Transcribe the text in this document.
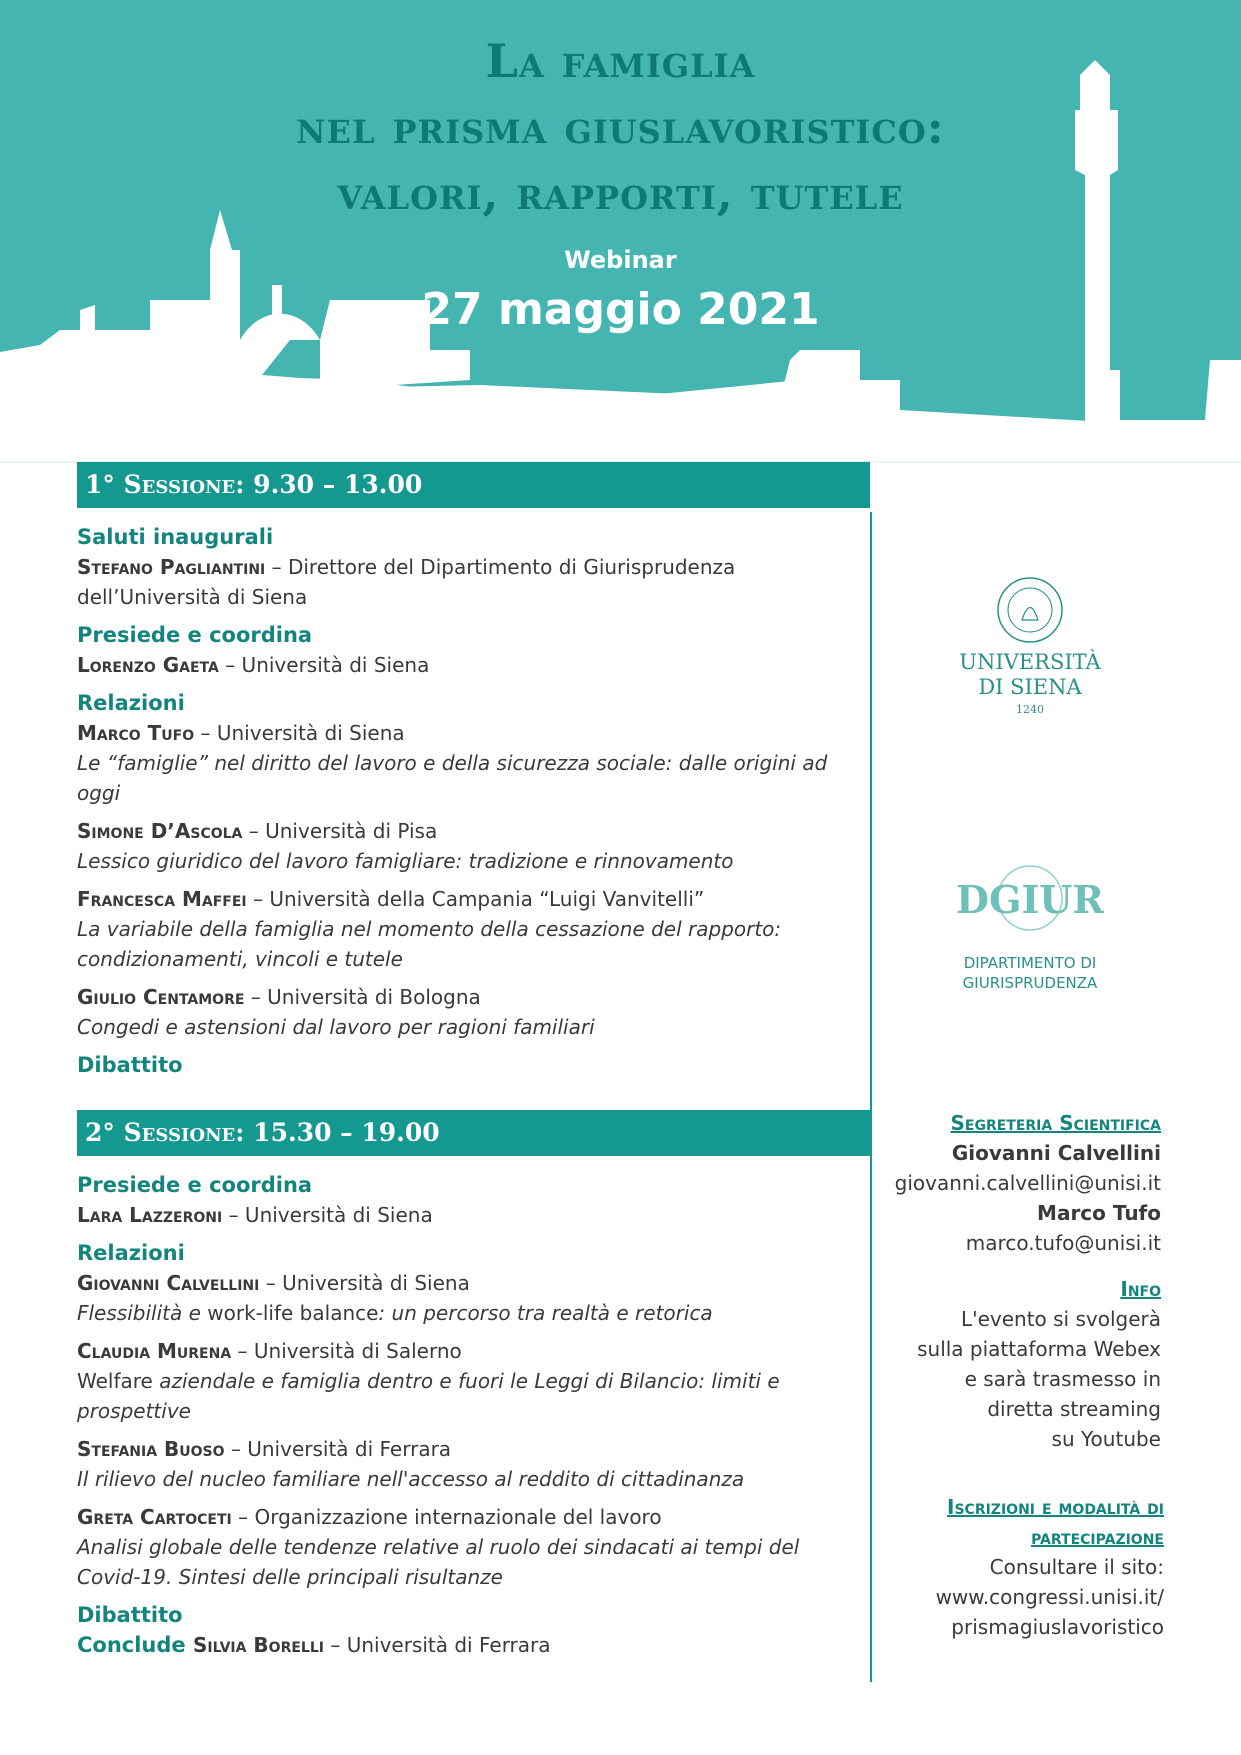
La famiglia
nel prisma giuslavoristico:
valori, rapporti, tutele
Webinar
27 maggio 2021
1° Sessione: 9.30 – 13.00
Saluti inaugurali
Stefano Pagliantini – Direttore del Dipartimento di Giurisprudenza dell’Università di Siena
Presiede e coordina
Lorenzo Gaeta – Università di Siena
Relazioni
Marco Tufo – Università di Siena
Le “famiglie” nel diritto del lavoro e della sicurezza sociale: dalle origini ad oggi
Simone D’Ascola – Università di Pisa
Lessico giuridico del lavoro famigliare: tradizione e rinnovamento
Francesca Maffei – Università della Campania “Luigi Vanvitelli”
La variabile della famiglia nel momento della cessazione del rapporto: condizionamenti, vincoli e tutele
Giulio Centamore – Università di Bologna
Congedi e astensioni dal lavoro per ragioni familiari
Dibattito
2° Sessione: 15.30 – 19.00
Presiede e coordina
Lara Lazzeroni – Università di Siena
Relazioni
Giovanni Calvellini – Università di Siena
Flessibilità e work-life balance: un percorso tra realtà e retorica
Claudia Murena – Università di Salerno
Welfare aziendale e famiglia dentro e fuori le Leggi di Bilancio: limiti e prospettive
Stefania Buoso – Università di Ferrara
Il rilievo del nucleo familiare nell'accesso al reddito di cittadinanza
Greta Cartoceti – Organizzazione internazionale del lavoro
Analisi globale delle tendenze relative al ruolo dei sindacati ai tempi del Covid-19. Sintesi delle principali risultanze
Dibattito
Conclude Silvia Borelli – Università di Ferrara
UNIVERSITÀ
DI SIENA
1240
DGIUR
DIPARTIMENTO DI
GIURISPRUDENZA
Segreteria Scientifica
Giovanni Calvellini
giovanni.calvellini@unisi.it
Marco Tufo
marco.tufo@unisi.it
Info
L'evento si svolgerà
sulla piattaforma Webex
e sarà trasmesso in
diretta streaming
su Youtube
Iscrizioni e modalità di
partecipazione
Consultare il sito:
www.congressi.unisi.it/
prismagiuslavoristico
